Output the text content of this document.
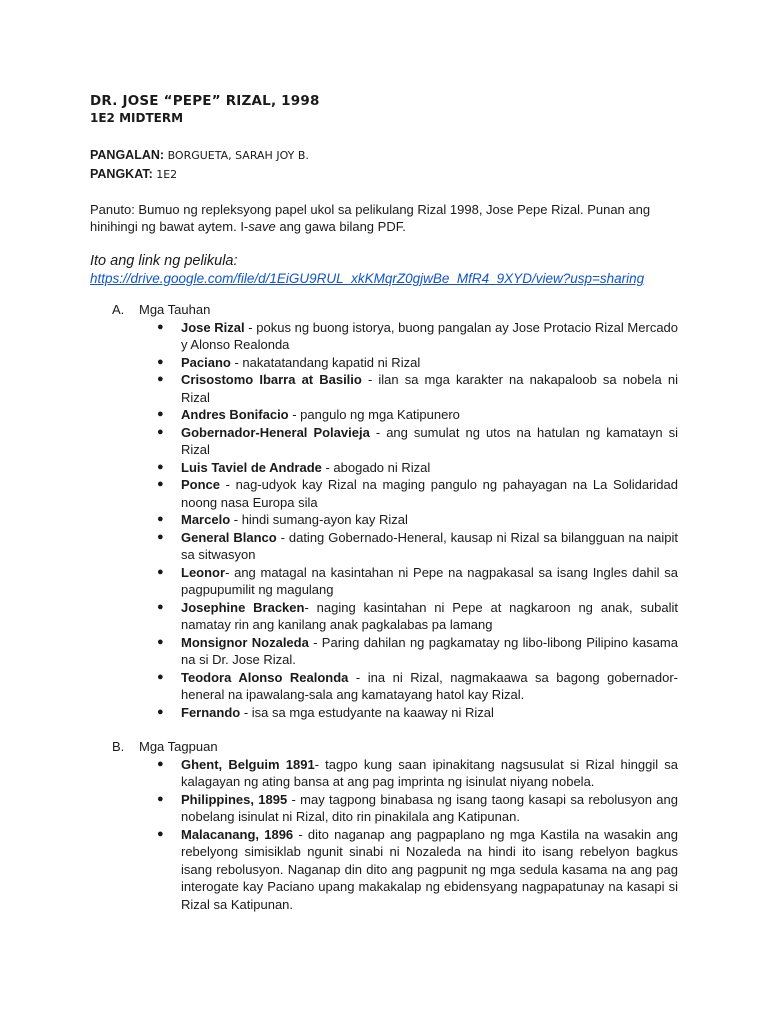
DR. JOSE “PEPE” RIZAL, 1998
1E2 MIDTERM
PANGALAN: BORGUETA, SARAH JOY B.
PANGKAT: 1E2
Panuto: Bumuo ng repleksyong papel ukol sa pelikulang Rizal 1998, Jose Pepe Rizal. Punan ang hinihingi ng bawat aytem. I-save ang gawa bilang PDF.
Ito ang link ng pelikula:
https://drive.google.com/file/d/1EiGU9RUL_xkKMqrZ0gjwBe_MfR4_9XYD/view?usp=sharing
A.	Mga Tauhan
● Jose Rizal - pokus ng buong istorya, buong pangalan ay Jose Protacio Rizal Mercado y Alonso Realonda
● Paciano - nakatatandang kapatid ni Rizal
● Crisostomo Ibarra at Basilio - ilan sa mga karakter na nakapaloob sa nobela ni Rizal
● Andres Bonifacio - pangulo ng mga Katipunero
● Gobernador-Heneral Polavieja - ang sumulat ng utos na hatulan ng kamatayn si Rizal
● Luis Taviel de Andrade - abogado ni Rizal
● Ponce - nag-udyok kay Rizal na maging pangulo ng pahayagan na La Solidaridad noong nasa Europa sila
● Marcelo - hindi sumang-ayon kay Rizal
● General Blanco - dating Gobernado-Heneral, kausap ni Rizal sa bilangguan na naipit sa sitwasyon
● Leonor- ang matagal na kasintahan ni Pepe na nagpakasal sa isang Ingles dahil sa pagpupumilit ng magulang
● Josephine Bracken- naging kasintahan ni Pepe at nagkaroon ng anak, subalit namatay rin ang kanilang anak pagkalabas pa lamang
● Monsignor Nozaleda - Paring dahilan ng pagkamatay ng libo-libong Pilipino kasama na si Dr. Jose Rizal.
● Teodora Alonso Realonda - ina ni Rizal, nagmakaawa sa bagong gobernador-heneral na ipawalang-sala ang kamatayang hatol kay Rizal.
● Fernando - isa sa mga estudyante na kaaway ni Rizal
B.	Mga Tagpuan
● Ghent, Belguim 1891- tagpo kung saan ipinakitang nagsusulat si Rizal hinggil sa kalagayan ng ating bansa at ang pag imprinta ng isinulat niyang nobela.
● Philippines, 1895 - may tagpong binabasa ng isang taong kasapi sa rebolusyon ang nobelang isinulat ni Rizal, dito rin pinakilala ang Katipunan.
● Malacanang, 1896 - dito naganap ang pagpaplano ng mga Kastila na wasakin ang rebelyong simisiklab ngunit sinabi ni Nozaleda na hindi ito isang rebelyon bagkus isang rebolusyon. Naganap din dito ang pagpunit ng mga sedula kasama na ang pag interogate kay Paciano upang makakalap ng ebidensyang nagpapatunay na kasapi si Rizal sa Katipunan.
